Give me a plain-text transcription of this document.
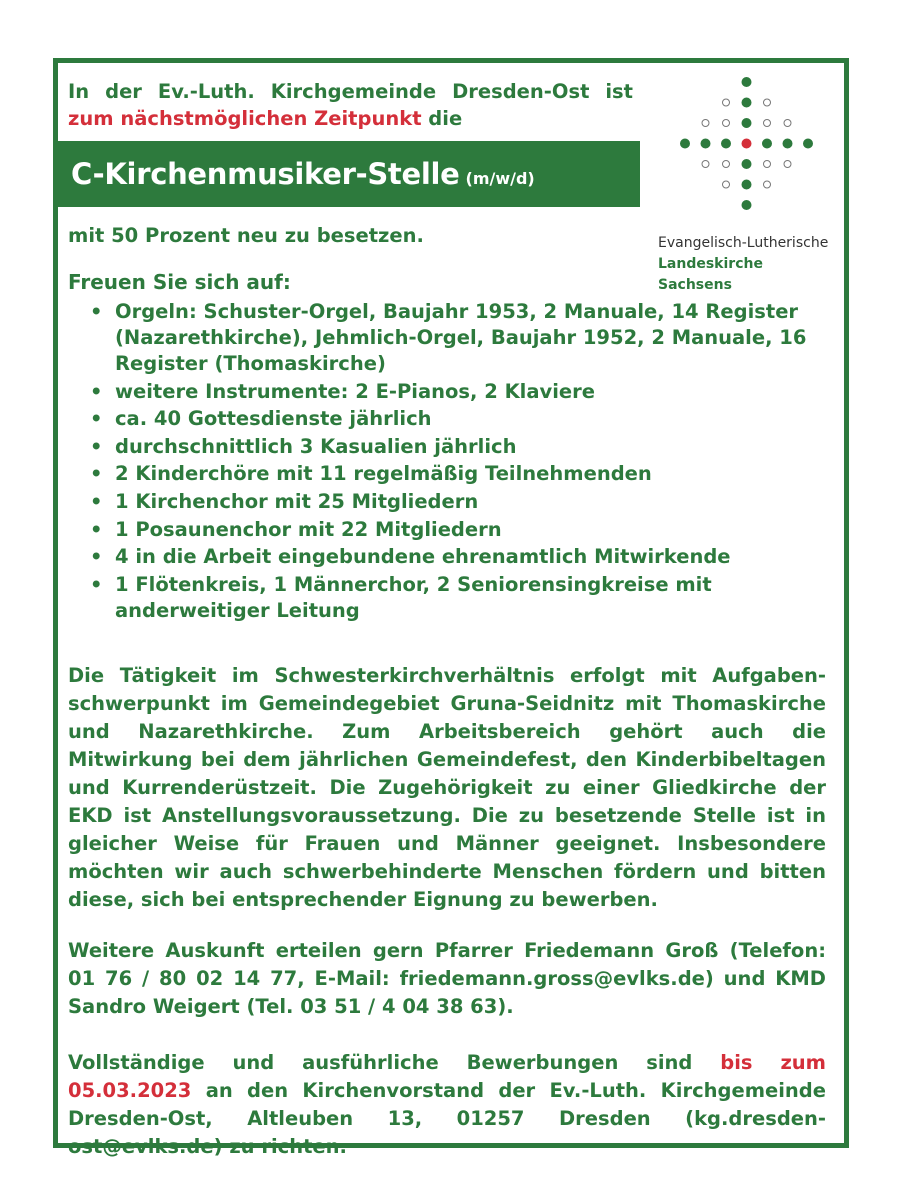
In der Ev.-Luth. Kirchgemeinde Dresden-Ost ist zum nächstmöglichen Zeitpunkt die
C-Kirchenmusiker-Stelle (m/w/d)
mit 50 Prozent neu zu besetzen.	Evangelisch-Lutherische
Landeskirche Sachsens
Freuen Sie sich auf:
• Orgeln: Schuster-Orgel, Baujahr 1953, 2 Manuale, 14 Register (Nazarethkirche), Jehmlich-Orgel, Baujahr 1952, 2 Manuale, 16 Register (Thomaskirche)
• weitere Instrumente: 2 E-Pianos, 2 Klaviere
• ca. 40 Gottesdienste jährlich
• durchschnittlich 3 Kasualien jährlich
• 2 Kinderchöre mit 11 regelmäßig Teilnehmenden
• 1 Kirchenchor mit 25 Mitgliedern
• 1 Posaunenchor mit 22 Mitgliedern
• 4 in die Arbeit eingebundene ehrenamtlich Mitwirkende
• 1 Flötenkreis, 1 Männerchor, 2 Seniorensingkreise mit anderweitiger Leitung

Die Tätigkeit im Schwesterkirchverhältnis erfolgt mit Aufgabenschwerpunkt im Gemeindegebiet Gruna-Seidnitz mit Thomaskirche und Nazarethkirche. Zum Arbeitsbereich gehört auch die Mitwirkung bei dem jährlichen Gemeindefest, den Kinderbibeltagen und Kurrenderüstzeit. Die Zugehörigkeit zu einer Gliedkirche der EKD ist Anstellungsvoraussetzung. Die zu besetzende Stelle ist in gleicher Weise für Frauen und Männer geeignet. Insbesondere möchten wir auch schwerbehinderte Menschen fördern und bitten diese, sich bei entsprechender Eignung zu bewerben.

Weitere Auskunft erteilen gern Pfarrer Friedemann Groß (Telefon: 01 76 / 80 02 14 77, E-Mail: friedemann.gross@evlks.de) und KMD Sandro Weigert (Tel. 03 51 / 4 04 38 63).

Vollständige und ausführliche Bewerbungen sind bis zum 05.03.2023 an den Kirchenvorstand der Ev.-Luth. Kirchgemeinde Dresden-Ost, Altleuben 13, 01257 Dresden (kg.dresden-ost@evlks.de) zu richten.
